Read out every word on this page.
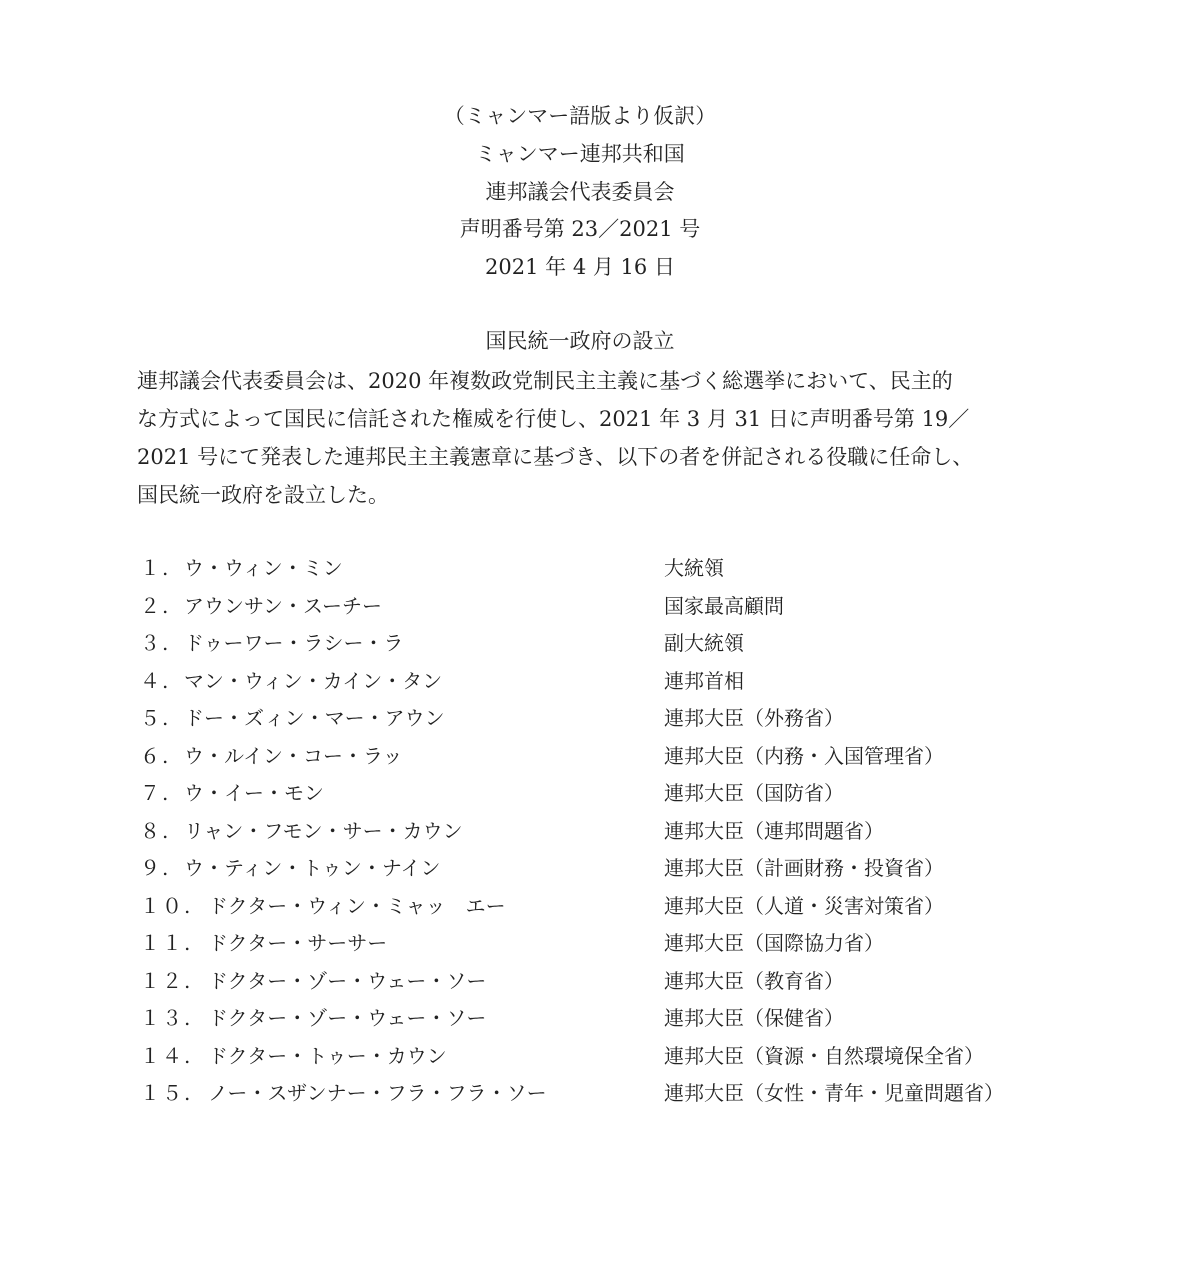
（ミャンマー語版より仮訳）
ミャンマー連邦共和国
連邦議会代表委員会
声明番号第 23／2021 号
2021 年 4 月 16 日
国民統一政府の設立
連邦議会代表委員会は、2020 年複数政党制民主主義に基づく総選挙において、民主的
な方式によって国民に信託された権威を行使し、2021 年 3 月 31 日に声明番号第 19／
2021 号にて発表した連邦民主主義憲章に基づき、以下の者を併記される役職に任命し、
国民統一政府を設立した。
１. ウ・ウィン・ミン	大統領
２. アウンサン・スーチー	国家最高顧問
３. ドゥーワー・ラシー・ラ	副大統領
４. マン・ウィン・カイン・タン	連邦首相
５. ドー・ズィン・マー・アウン	連邦大臣（外務省）
６. ウ・ルイン・コー・ラッ	連邦大臣（内務・入国管理省）
７. ウ・イー・モン	連邦大臣（国防省）
８. リャン・フモン・サー・カウン	連邦大臣（連邦問題省）
９. ウ・ティン・トゥン・ナイン	連邦大臣（計画財務・投資省）
１０. ドクター・ウィン・ミャッ　エー	連邦大臣（人道・災害対策省）
１１. ドクター・サーサー	連邦大臣（国際協力省）
１２. ドクター・ゾー・ウェー・ソー	連邦大臣（教育省）
１３. ドクター・ゾー・ウェー・ソー	連邦大臣（保健省）
１４. ドクター・トゥー・カウン	連邦大臣（資源・自然環境保全省）
１５. ノー・スザンナー・フラ・フラ・ソー	連邦大臣（女性・青年・児童問題省）
